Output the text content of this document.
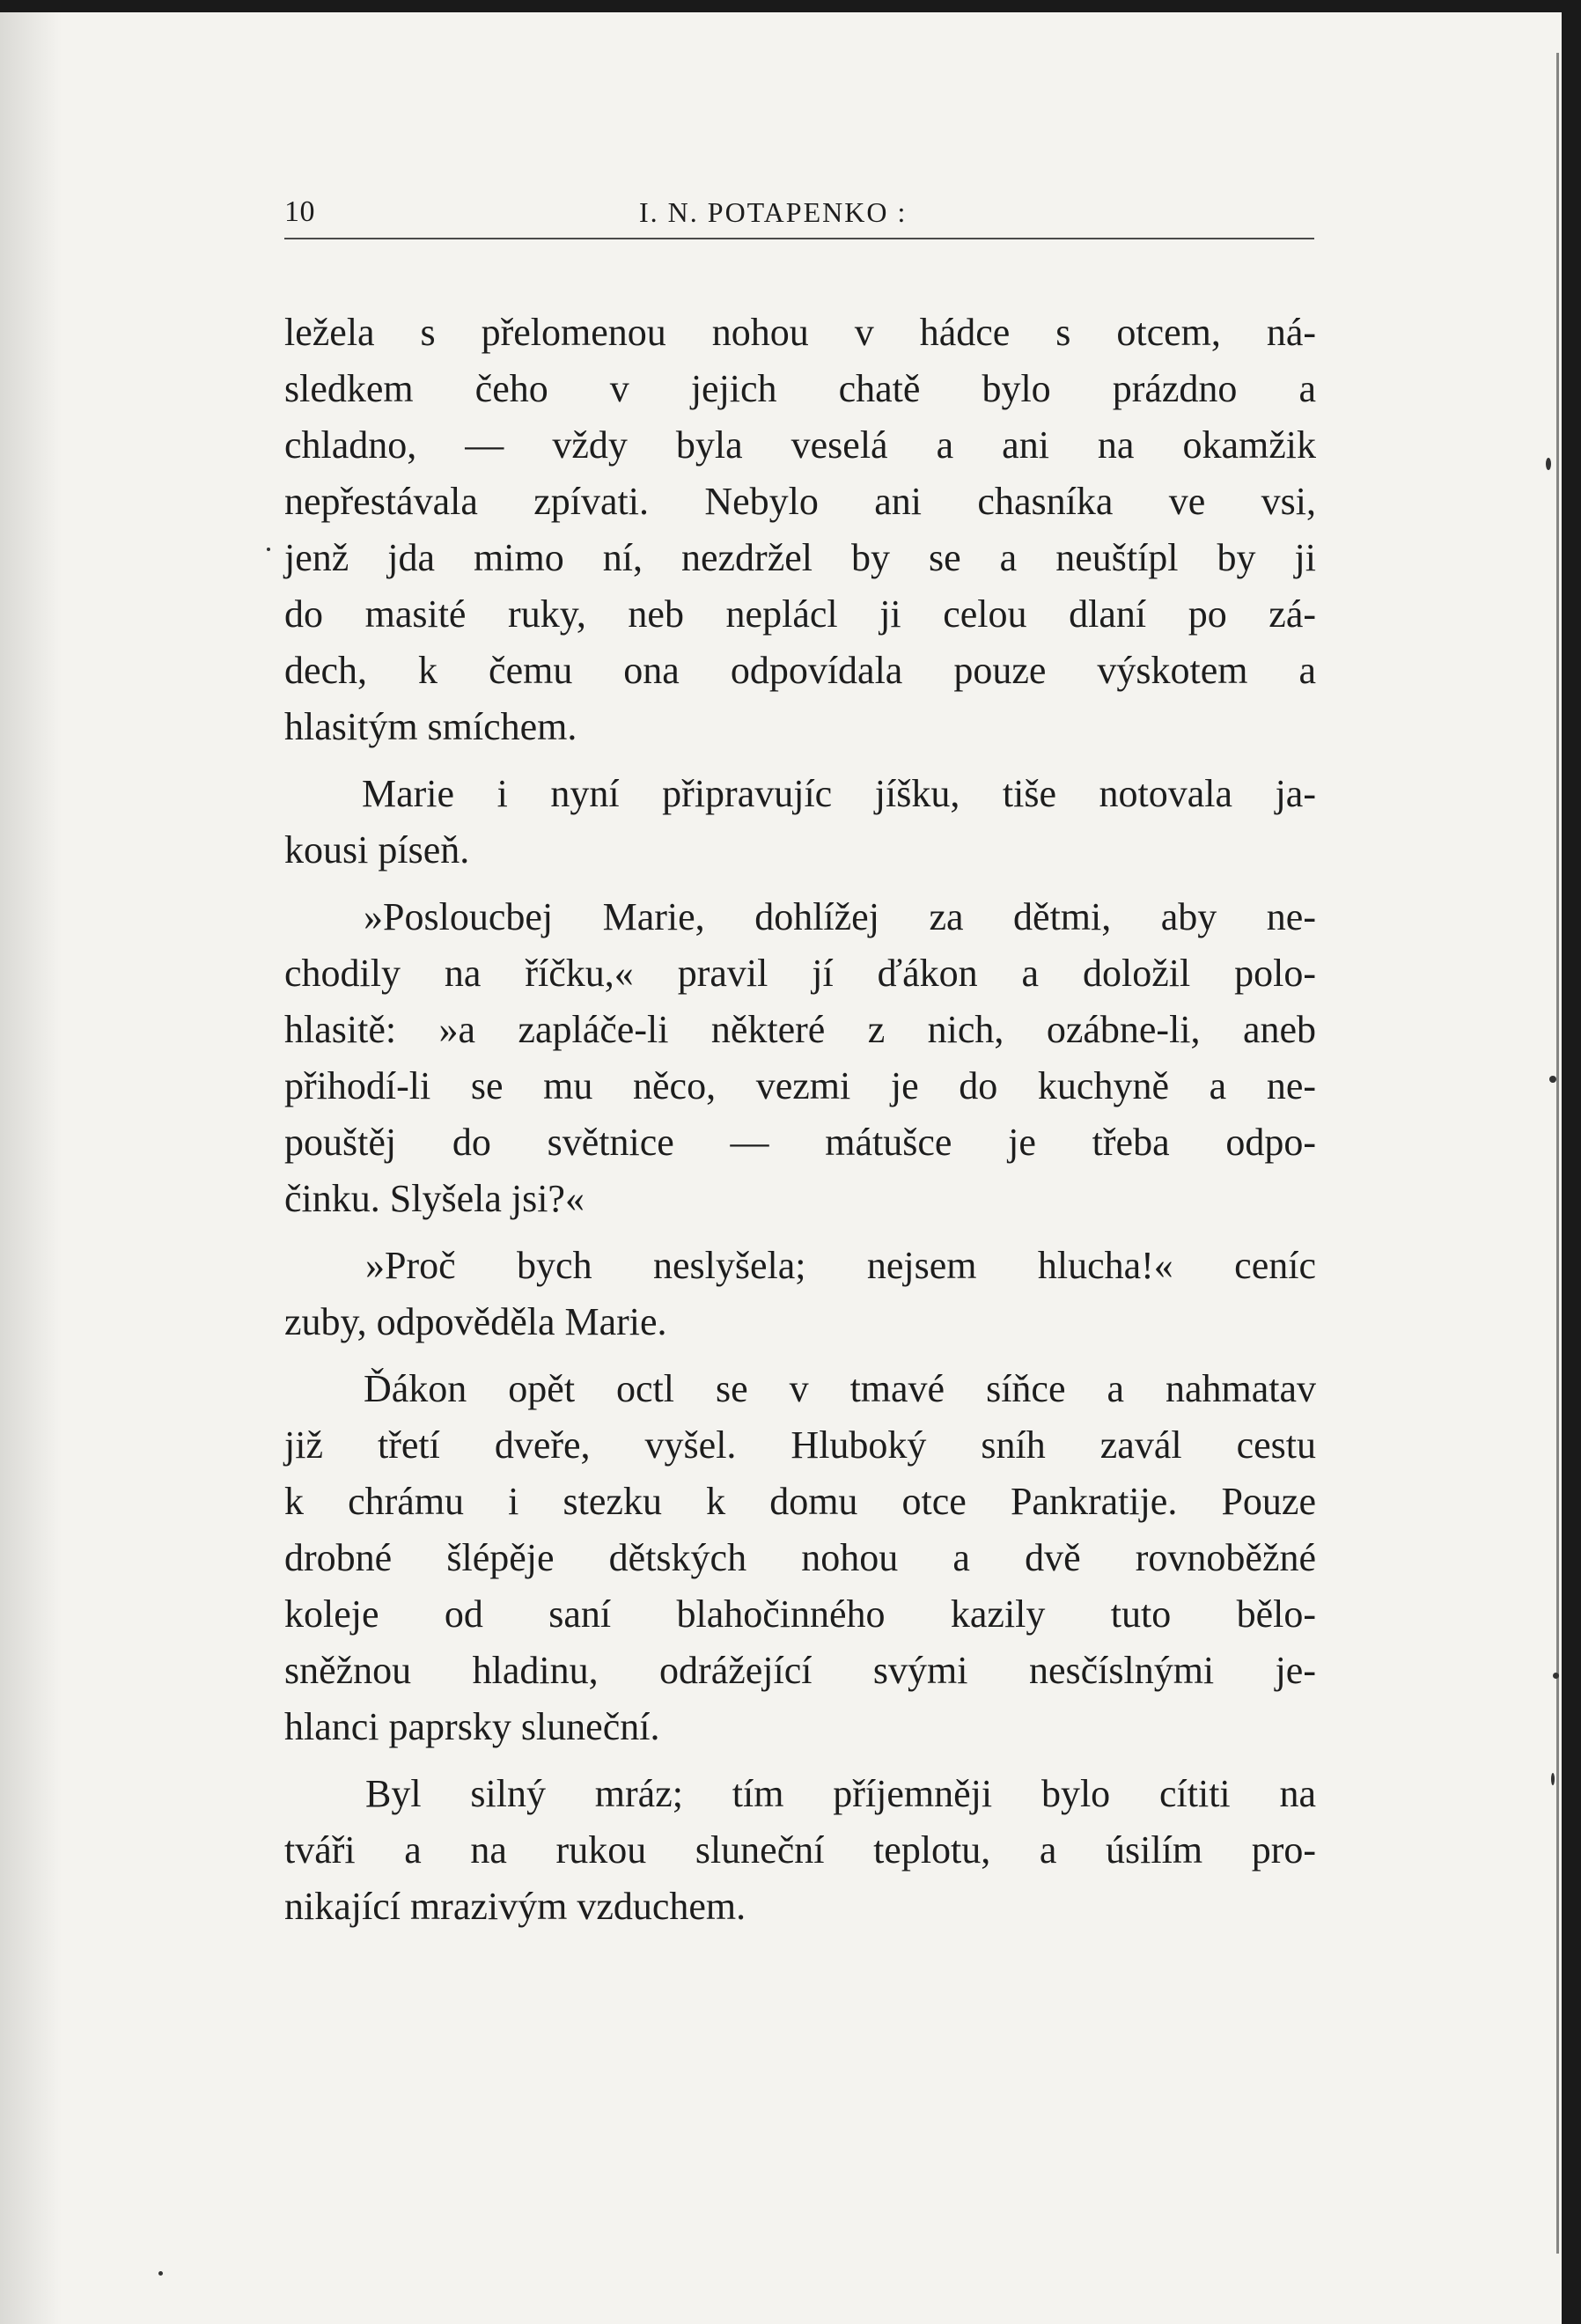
10	I. N. POTAPENKO :
ležela s přelomenou nohou v hádce s otcem, ná-
sledkem čeho v jejich chatě bylo prázdno a
chladno, — vždy byla veselá a ani na okamžik
nepřestávala zpívati. Nebylo ani chasníka ve vsi,
jenž jda mimo ní, nezdržel by se a neuštípl by ji
do masité ruky, neb neplácl ji celou dlaní po zá-
dech, k čemu ona odpovídala pouze výskotem a
hlasitým smíchem.
Marie i nyní připravujíc jíšku, tiše notovala ja-
kousi píseň.
»Posloucbej Marie, dohlížej za dětmi, aby ne-
chodily na říčku,« pravil jí ďákon a doložil polo-
hlasitě: »a zapláče-li některé z nich, ozábne-li, aneb
přihodí-li se mu něco, vezmi je do kuchyně a ne-
pouštěj do světnice — mátušce je třeba odpo-
činku. Slyšela jsi?«
»Proč bych neslyšela; nejsem hlucha!« ceníc
zuby, odpověděla Marie.
Ďákon opět octl se v tmavé síňce a nahmatav
již třetí dveře, vyšel. Hluboký sníh zavál cestu
k chrámu i stezku k domu otce Pankratije. Pouze
drobné šlépěje dětských nohou a dvě rovnoběžné
koleje od saní blahočinného kazily tuto bělo-
sněžnou hladinu, odrážející svými nesčíslnými je-
hlanci paprsky sluneční.
Byl silný mráz; tím příjemněji bylo cítiti na
tváři a na rukou sluneční teplotu, a úsilím pro-
nikající mrazivým vzduchem.
